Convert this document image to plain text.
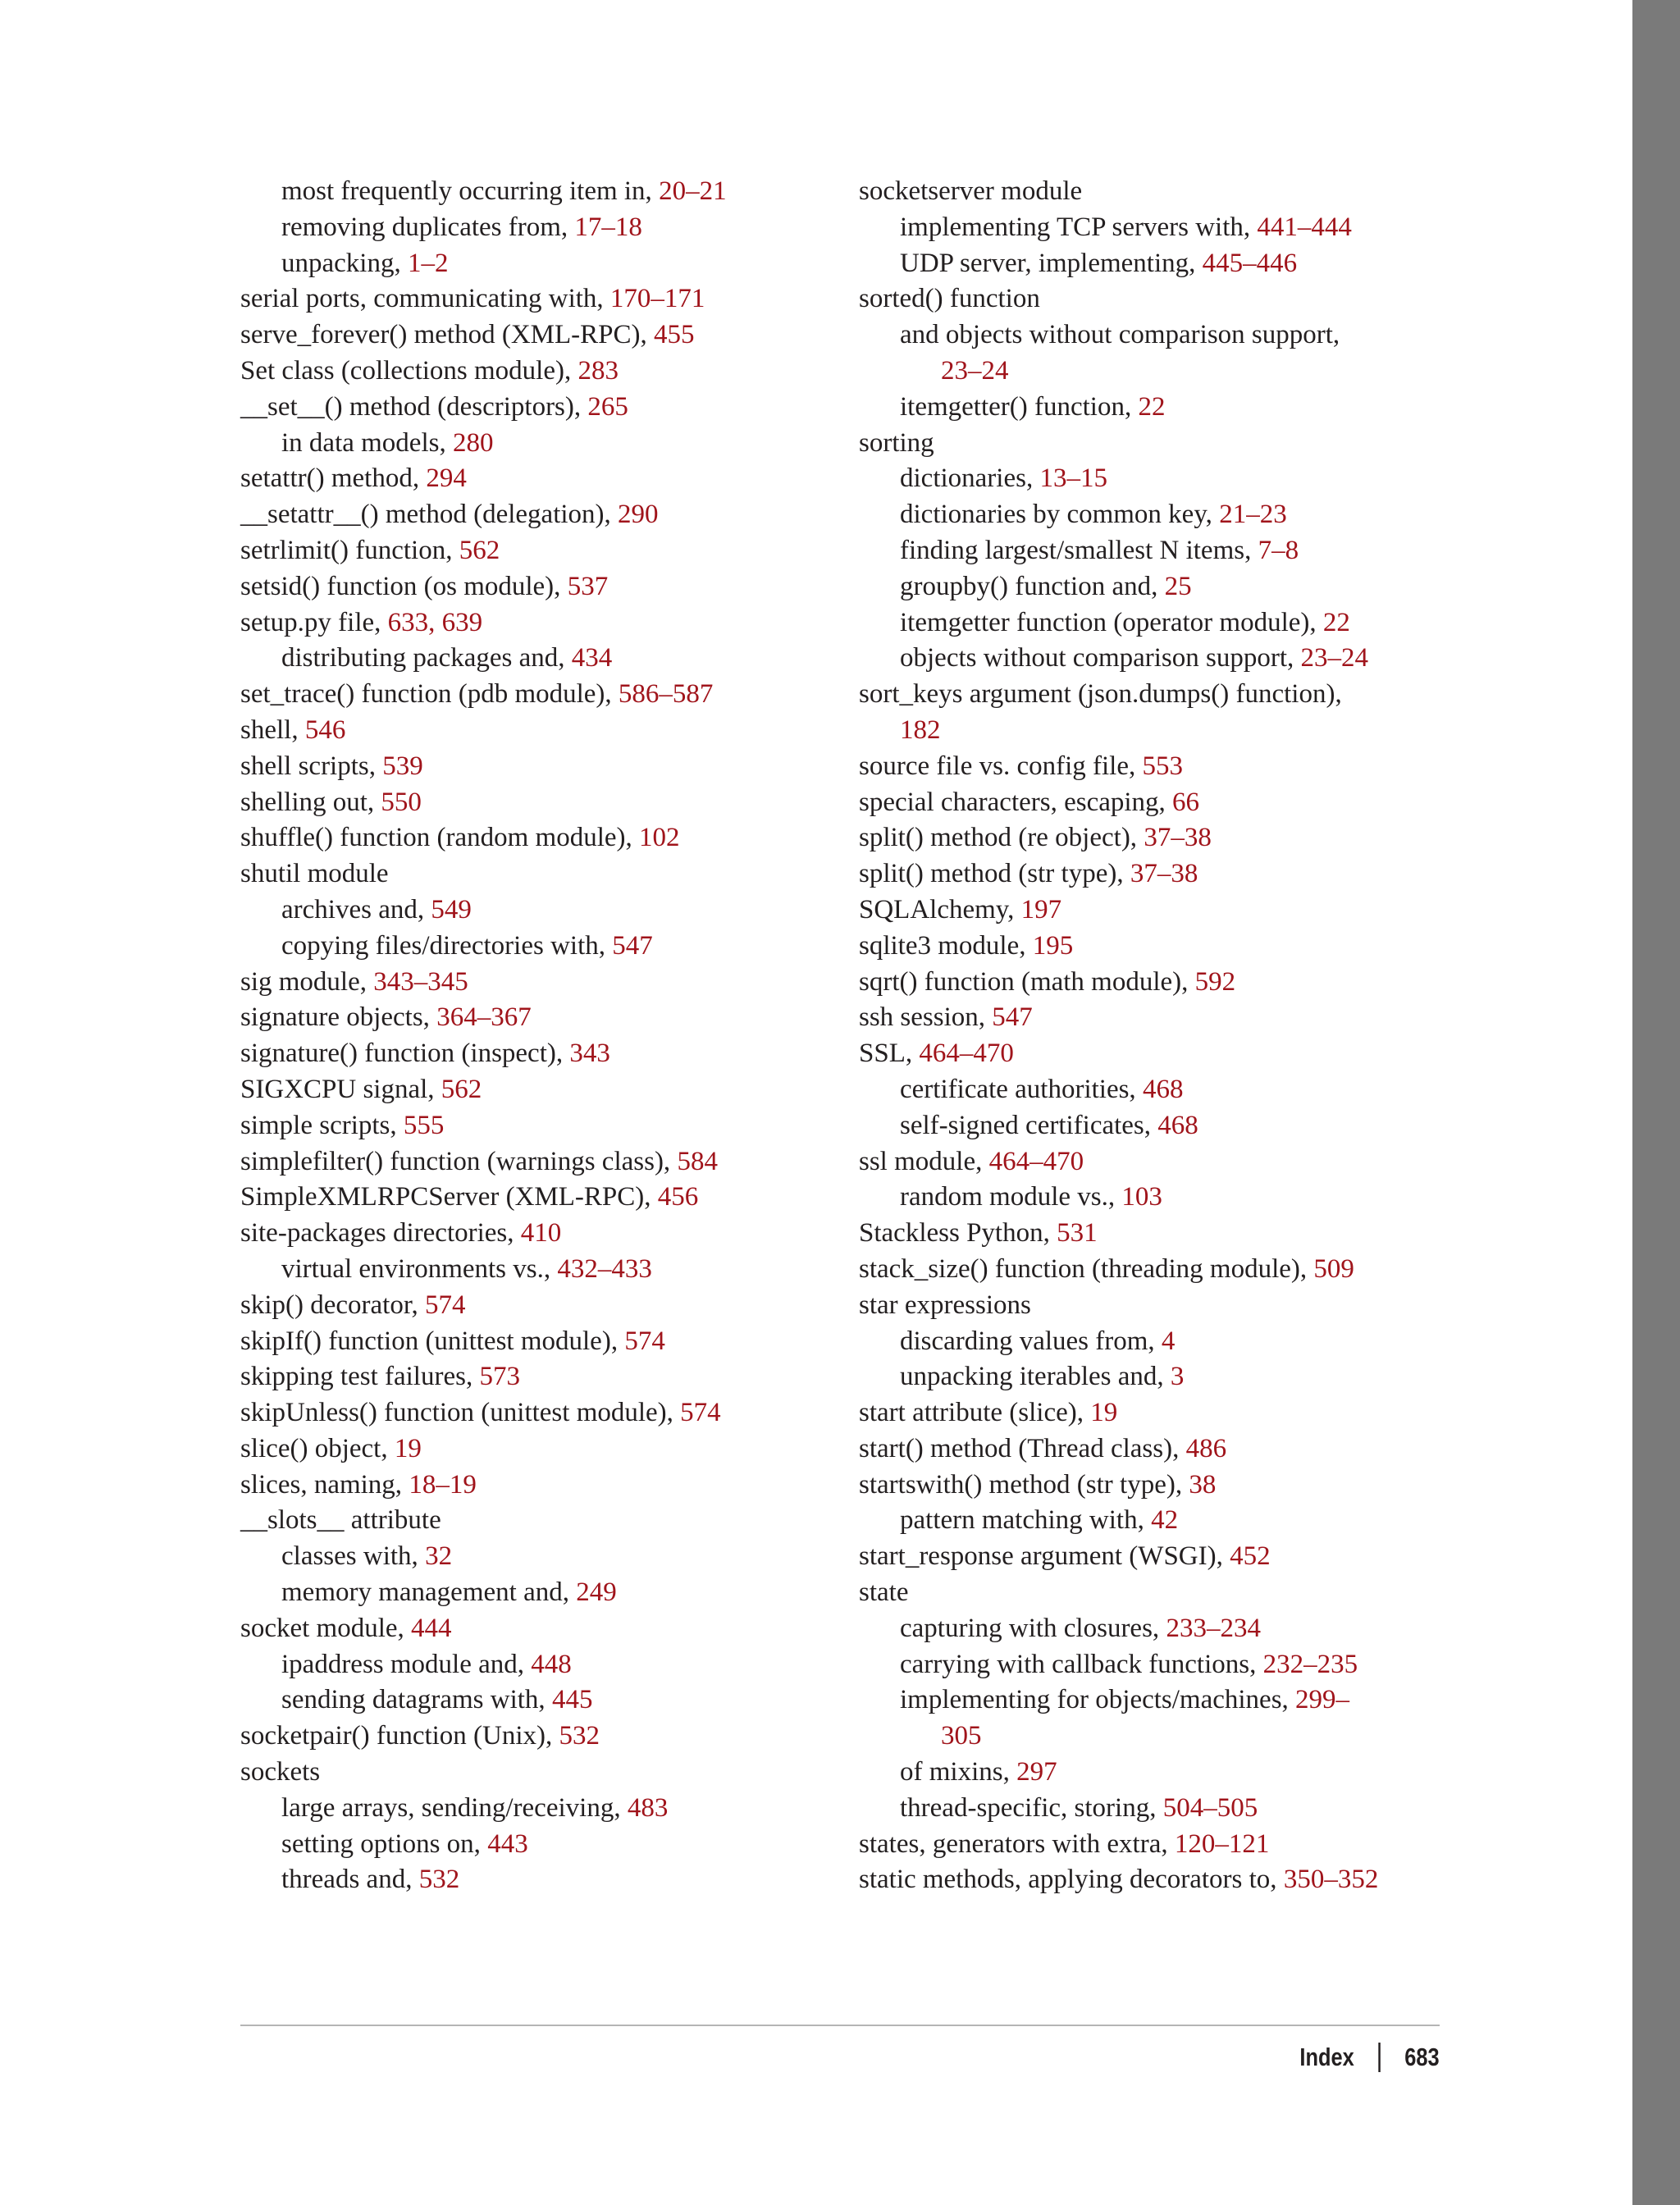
most frequently occurring item in, 20–21
removing duplicates from, 17–18
unpacking, 1–2
serial ports, communicating with, 170–171
serve_forever() method (XML-RPC), 455
Set class (collections module), 283
__set__() method (descriptors), 265
in data models, 280
setattr() method, 294
__setattr__() method (delegation), 290
setrlimit() function, 562
setsid() function (os module), 537
setup.py file, 633, 639
distributing packages and, 434
set_trace() function (pdb module), 586–587
shell, 546
shell scripts, 539
shelling out, 550
shuffle() function (random module), 102
shutil module
archives and, 549
copying files/directories with, 547
sig module, 343–345
signature objects, 364–367
signature() function (inspect), 343
SIGXCPU signal, 562
simple scripts, 555
simplefilter() function (warnings class), 584
SimpleXMLRPCServer (XML-RPC), 456
site-packages directories, 410
virtual environments vs., 432–433
skip() decorator, 574
skipIf() function (unittest module), 574
skipping test failures, 573
skipUnless() function (unittest module), 574
slice() object, 19
slices, naming, 18–19
__slots__ attribute
classes with, 32
memory management and, 249
socket module, 444
ipaddress module and, 448
sending datagrams with, 445
socketpair() function (Unix), 532
sockets
large arrays, sending/receiving, 483
setting options on, 443
threads and, 532
socketserver module
implementing TCP servers with, 441–444
UDP server, implementing, 445–446
sorted() function
and objects without comparison support,
23–24
itemgetter() function, 22
sorting
dictionaries, 13–15
dictionaries by common key, 21–23
finding largest/smallest N items, 7–8
groupby() function and, 25
itemgetter function (operator module), 22
objects without comparison support, 23–24
sort_keys argument (json.dumps() function),
182
source file vs. config file, 553
special characters, escaping, 66
split() method (re object), 37–38
split() method (str type), 37–38
SQLAlchemy, 197
sqlite3 module, 195
sqrt() function (math module), 592
ssh session, 547
SSL, 464–470
certificate authorities, 468
self-signed certificates, 468
ssl module, 464–470
random module vs., 103
Stackless Python, 531
stack_size() function (threading module), 509
star expressions
discarding values from, 4
unpacking iterables and, 3
start attribute (slice), 19
start() method (Thread class), 486
startswith() method (str type), 38
pattern matching with, 42
start_response argument (WSGI), 452
state
capturing with closures, 233–234
carrying with callback functions, 232–235
implementing for objects/machines, 299–
305
of mixins, 297
thread-specific, storing, 504–505
states, generators with extra, 120–121
static methods, applying decorators to, 350–352
Index 683
